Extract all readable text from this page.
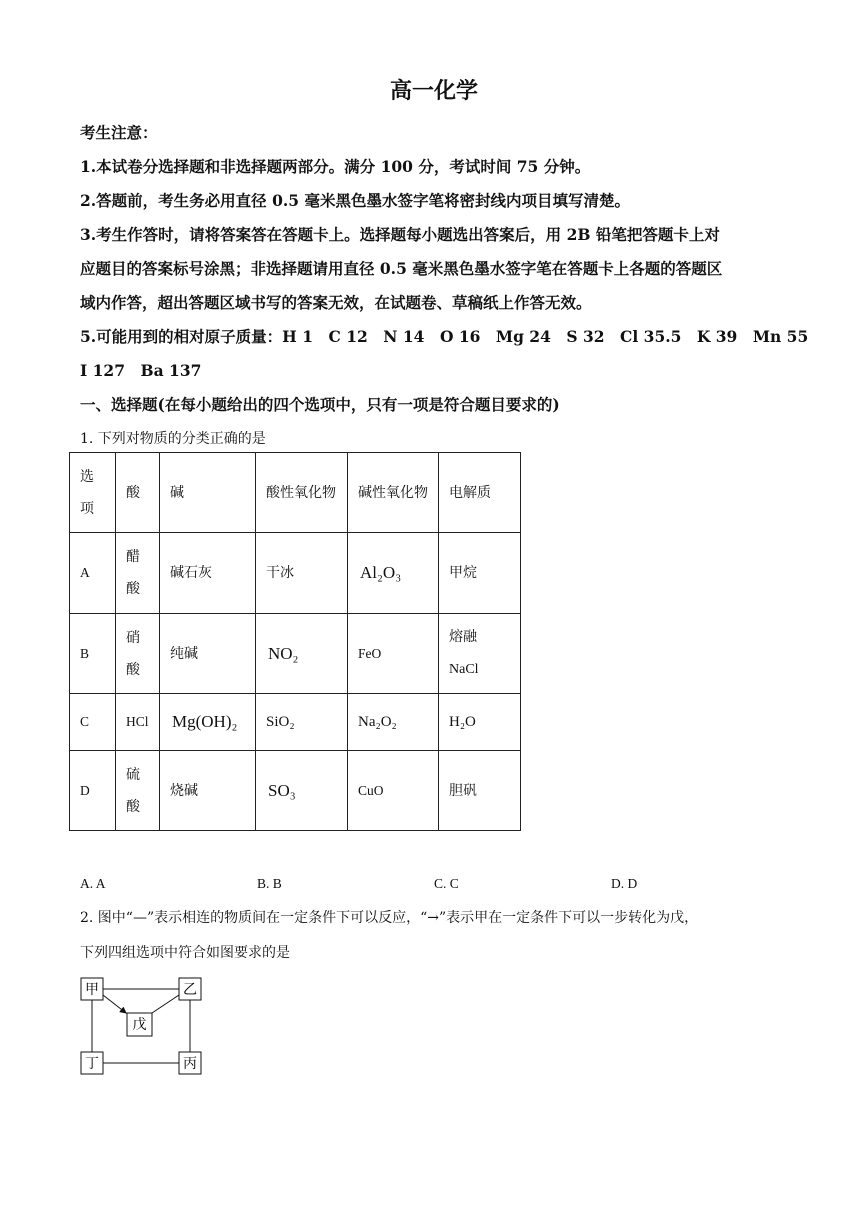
高一化学
考生注意：
1.本试卷分选择题和非选择题两部分。满分 100 分，考试时间 75 分钟。
2.答题前，考生务必用直径 0.5 毫米黑色墨水签字笔将密封线内项目填写清楚。
3.考生作答时，请将答案答在答题卡上。选择题每小题选出答案后，用 2B 铅笔把答题卡上对
应题目的答案标号涂黑；非选择题请用直径 0.5 毫米黑色墨水签字笔在答题卡上各题的答题区
域内作答，超出答题区域书写的答案无效，在试题卷、草稿纸上作答无效。
5.可能用到的相对原子质量：H 1　C 12　N 14　O 16　Mg 24　S 32　Cl 35.5　K 39　Mn 55
I 127　Ba 137
一、选择题(在每小题给出的四个选项中，只有一项是符合题目要求的)
1. 下列对物质的分类正确的是
选项	酸	碱	酸性氧化物	碱性氧化物	电解质
A	醋酸	碱石灰	干冰	Al₂O₃	甲烷
B	硝酸	纯碱	NO₂	FeO	熔融NaCl

C	HCl	Mg(OH)₂	SiO₂	Na₂O₂	H₂O
D	硫酸	烧碱	SO₃	CuO	胆矾
A. A	B. B	C. C	D. D
2. 图中“—”表示相连的物质间在一定条件下可以反应，“→”表示甲在一定条件下可以一步转化为戊，
下列四组选项中符合如图要求的是
甲	乙
戊
丁	丙
